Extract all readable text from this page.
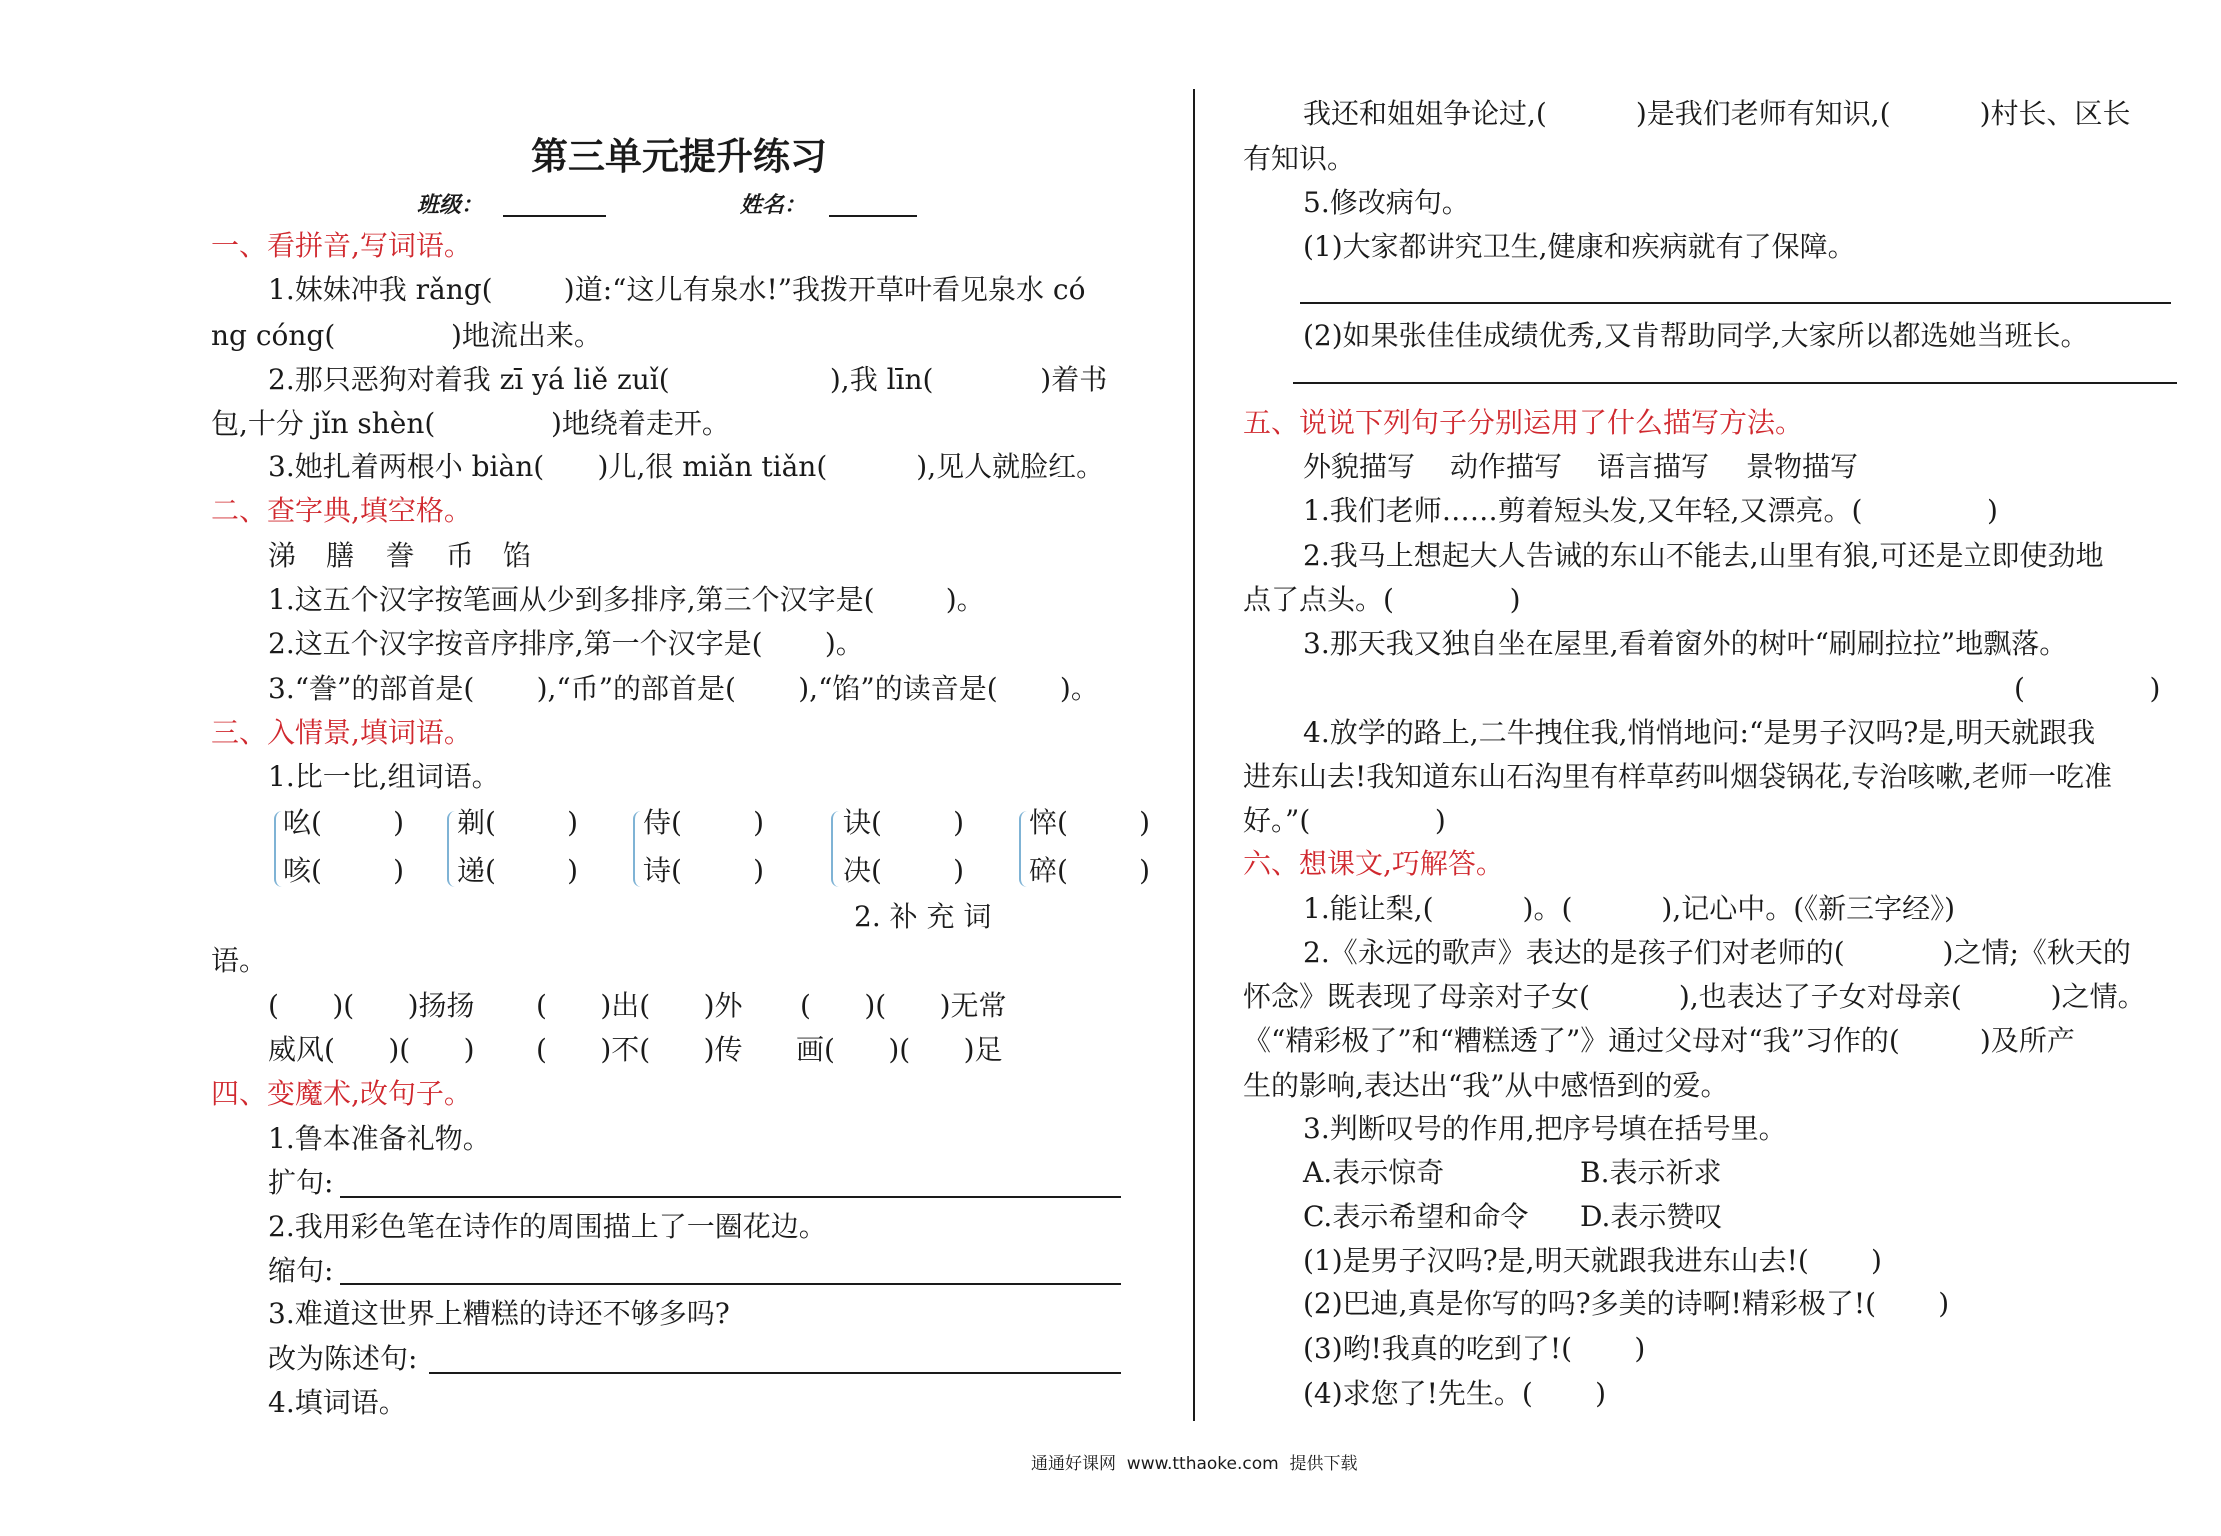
第三单元提升练习
班级：	姓名：
一、看拼音,写词语。
1.妹妹冲我 rǎng(        )道:“这儿有泉水!”我拨开草叶看见泉水 có
ng cóng(             )地流出来。
2.那只恶狗对着我 zī yá liě zuǐ(                  ),我 līn(            )着书
包,十分 jǐn shèn(             )地绕着走开。
3.她扎着两根小 biàn(      )儿,很 miǎn tiǎn(          ),见人就脸红。
二、查字典,填空格。
涕 膳 誊 币 馅
1.这五个汉字按笔画从少到多排序,第三个汉字是(        )。
2.这五个汉字按音序排序,第一个汉字是(       )。
3.“誊”的部首是(       ),“币”的部首是(       ),“馅”的读音是(       )。
三、入情景,填词语。
1.比一比,组词语。
吆(        )
咳(        )
剃(        )
递(        )
侍(        )
诗(        )
诀(        )
决(        )
悴(        )
碎(        )
2. 补 充 词
语。
(      )(      )扬扬 (      )出(      )外 (      )(      )无常
威风(      )(      ) (      )不(      )传 画(      )(      )足
四、变魔术,改句子。
1.鲁本准备礼物。
扩句:
2.我用彩色笔在诗作的周围描上了一圈花边。
缩句:
3.难道这世界上糟糕的诗还不够多吗?
改为陈述句:
4.填词语。
我还和姐姐争论过,(          )是我们老师有知识,(          )村长、区长
有知识。
5.修改病句。
(1)大家都讲究卫生,健康和疾病就有了保障。
(2)如果张佳佳成绩优秀,又肯帮助同学,大家所以都选她当班长。
五、说说下列句子分别运用了什么描写方法。
外貌描写 动作描写 语言描写 景物描写
1.我们老师……剪着短头发,又年轻,又漂亮。(              )
2.我马上想起大人告诫的东山不能去,山里有狼,可还是立即使劲地
点了点头。(             )
3.那天我又独自坐在屋里,看着窗外的树叶“刷刷拉拉”地飘落。
(              )
4.放学的路上,二牛拽住我,悄悄地问:“是男子汉吗?是,明天就跟我
进东山去!我知道东山石沟里有样草药叫烟袋锅花,专治咳嗽,老师一吃准
好。”(              )
六、想课文,巧解答。
1.能让梨,(          )。(          ),记心中。(《新三字经》)
2.《永远的歌声》表达的是孩子们对老师的(           )之情;《秋天的
怀念》既表现了母亲对子女(          ),也表达了子女对母亲(          )之情。
《“精彩极了”和“糟糕透了”》通过父母对“我”习作的(         )及所产
生的影响,表达出“我”从中感悟到的爱。
3.判断叹号的作用,把序号填在括号里。
A.表示惊奇	B.表示祈求
C.表示希望和命令 D.表示赞叹
(1)是男子汉吗?是,明天就跟我进东山去!(       )
(2)巴迪,真是你写的吗?多美的诗啊!精彩极了!(       )
(3)哟!我真的吃到了!(       )
(4)求您了!先生。(       )
通通好课网  www.tthaoke.com  提供下载
